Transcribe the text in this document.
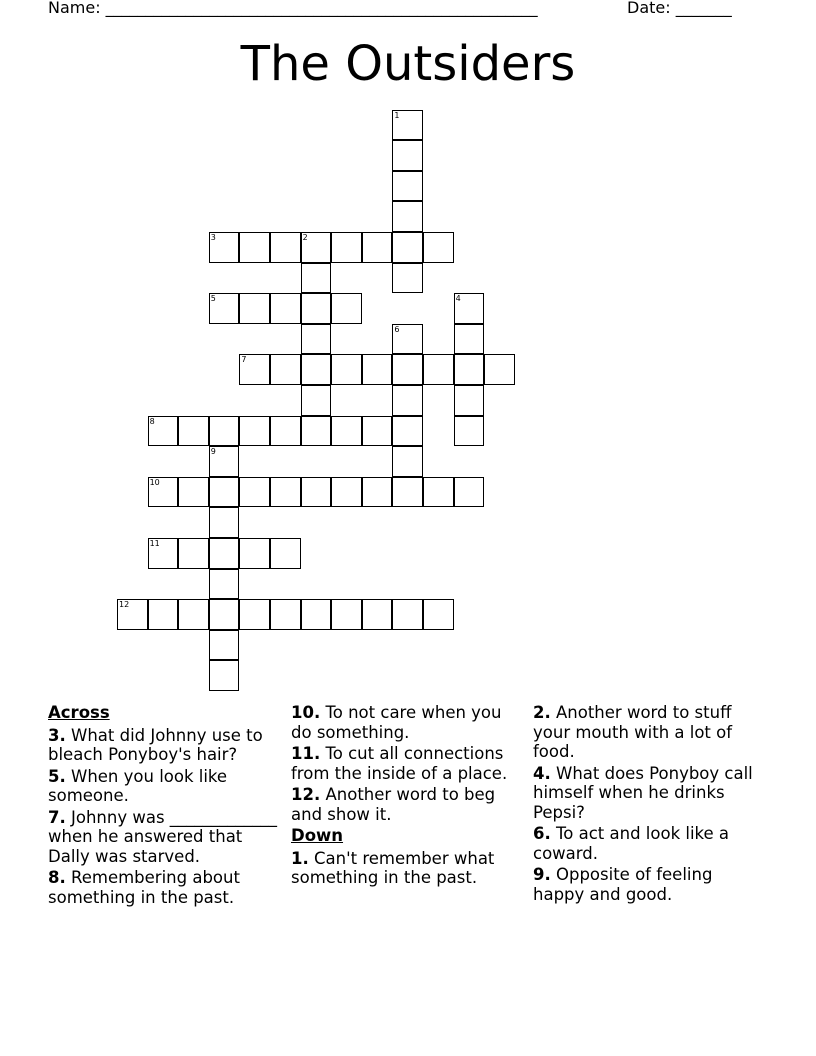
Name: ______________________________________________________	Date: _______
The Outsiders
3	2
5
7
8
10
11
12
1
4
6
9
Across
3. What did Johnny use to bleach Ponyboy's hair?
5. When you look like someone.
7. Johnny was _____________ when he answered that Dally was starved.
8. Remembering about something in the past.
10. To not care when you do something.
11. To cut all connections from the inside of a place.
12. Another word to beg and show it.
Down
1. Can't remember what something in the past.
2. Another word to stuff your mouth with a lot of food.
4. What does Ponyboy call himself when he drinks Pepsi?
6. To act and look like a coward.
9. Opposite of feeling happy and good.
